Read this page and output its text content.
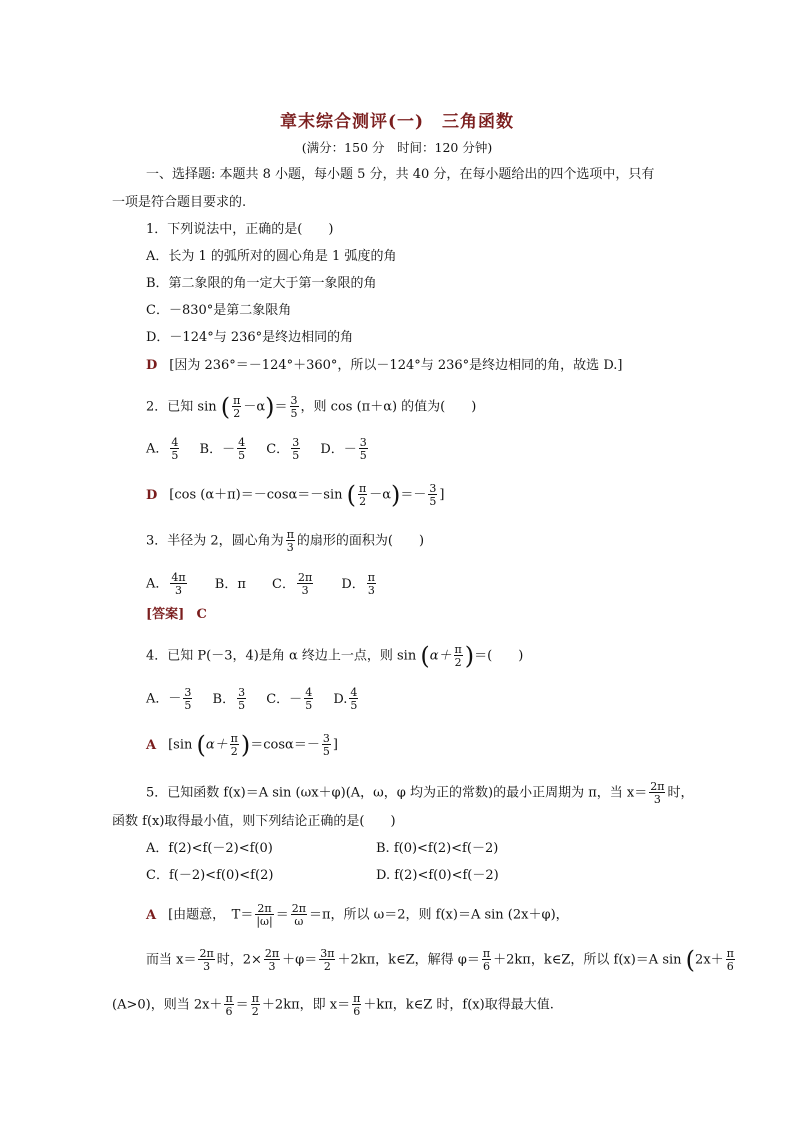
章末综合测评(一)　三角函数
(满分：150 分　时间：120 分钟)
一、选择题: 本题共 8 小题，每小题 5 分，共 40 分，在每小题给出的四个选项中，只有
一项是符合题目要求的.
1．下列说法中，正确的是(　　)
A．长为 1 的弧所对的圆心角是 1 弧度的角
B．第二象限的角一定大于第一象限的角
C．－830°是第二象限角
D．－124°与 236°是终边相同的角
D [因为 236°＝－124°＋360°，所以－124°与 236°是终边相同的角，故选 D.]
2．已知 sin ( $\frac{\pi}{2} -\alpha)= \frac{3}{5}$ ，则 cos (π＋α) 的值为(　　)
A． $\frac{4}{5}$ B．－ $\frac{4}{5}$ C． $\frac{3}{5}$ D．－ $\frac{3}{5}$
D [cos (α＋π)＝－cosα＝－sin ( $\frac{\pi}{2} -\alpha)=- \frac{3}{5}$ ]
3．半径为 2，圆心角为 $\frac{\pi}{3}$ 的扇形的面积为(　　)
A． $\frac{4\pi}{3}$ B．π C． $\frac{2\pi}{3}$ D． $\frac{\pi}{3}$
[答案] C
4．已知 P(－3，4)是角 α 终边上一点，则 $\sin (\alpha+ \frac{\pi}{2}$ )＝(　　)
A．－ $\frac{3}{5}$ B． $\frac{3}{5}$ C．－ $\frac{4}{5} D$. $\frac{4}{5}$
A [sin $(\alpha+ \frac{\pi}{2} )=\cos\alpha=- \frac{3}{5}$ ]
5．已知函数 f(x)＝A sin (ωx＋φ)(A，ω，φ 均为正的常数)的最小正周期为 π，当 $x= \frac{2\pi}{3}$ 时，
函数 f(x)取得最小值，则下列结论正确的是(　　)
A．f(2)<f(－2)<f(0)	B. f(0)<f(2)<f(－2)
C．f(－2)<f(0)<f(2)	D. f(2)<f(0)<f(－2)
A [由题意，　$T= \frac{2\pi}{|\omega|} = \frac{2\pi}{\omega} =\pi$，所以 ω＝2，则 f(x)＝A sin (2x＋φ)，
而当 $x= \frac{2\pi}{3}$ 时，$2\times \frac{2\pi}{3} +\varphi= \frac{3\pi}{2} +2k\pi$，k∈Z，解得 $\varphi= \frac{\pi}{6} +2k\pi$，k∈Z，所以 f(x)＝A $\sin (2x+ \frac{\pi}{6}$
(A>0)，则当 $2x+ \frac{\pi}{6} = \frac{\pi}{2} +2k\pi$，即 $x= \frac{\pi}{6} +k\pi$，k∈Z 时，f(x)取得最大值.
